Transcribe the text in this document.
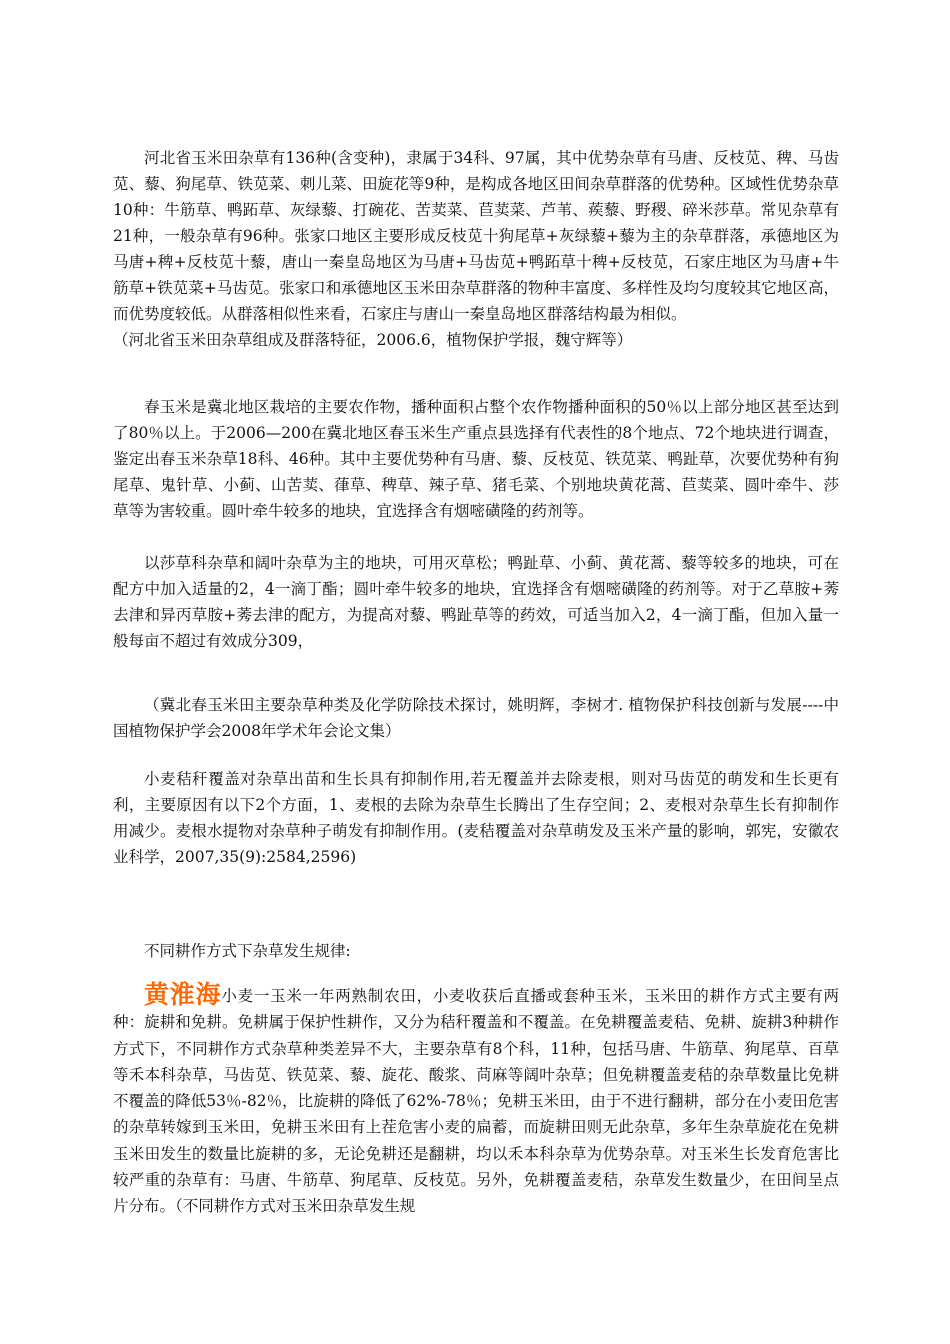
河北省玉米田杂草有136种(含变种)，隶属于34科、97属，其中优势杂草有马唐、反枝苋、稗、马齿苋、藜、狗尾草、铁苋菜、刺儿菜、田旋花等9种，是构成各地区田间杂草群落的优势种。区域性优势杂草10种：牛筋草、鸭跖草、灰绿藜、打碗花、苦荬菜、苣荬菜、芦苇、蒺藜、野稷、碎米莎草。常见杂草有21种，一般杂草有96种。张家口地区主要形成反枝苋十狗尾草+灰绿藜+藜为主的杂草群落，承德地区为马唐+稗+反枝苋十藜，唐山一秦皇岛地区为马唐+马齿苋+鸭跖草十稗+反枝苋，石家庄地区为马唐+牛筋草+铁苋菜+马齿苋。张家口和承德地区玉米田杂草群落的物种丰富度、多样性及均匀度较其它地区高，而优势度较低。从群落相似性来看，石家庄与唐山一秦皇岛地区群落结构最为相似。

（河北省玉米田杂草组成及群落特征，2006.6，植物保护学报，魏守辉等）

春玉米是冀北地区栽培的主要农作物，播种面积占整个农作物播种面积的50％以上部分地区甚至达到了80％以上。于2006—200在冀北地区春玉米生产重点县选择有代表性的8个地点、72个地块进行调查，鉴定出春玉米杂草18科、46种。其中主要优势种有马唐、藜、反枝苋、铁苋菜、鸭趾草，次要优势种有狗尾草、鬼针草、小蓟、山苦荬、葎草、稗草、辣子草、猪毛菜、个别地块黄花蒿、苣荬菜、圆叶牵牛、莎草等为害较重。圆叶牵牛较多的地块，宜选择含有烟嘧磺隆的药剂等。

以莎草科杂草和阔叶杂草为主的地块，可用灭草松；鸭趾草、小蓟、黄花蒿、藜等较多的地块，可在配方中加入适量的2，4一滴丁酯；圆叶牵牛较多的地块，宜选择含有烟嘧磺隆的药剂等。对于乙草胺+莠去津和异丙草胺+莠去津的配方，为提高对藜、鸭趾草等的药效，可适当加入2，4一滴丁酯，但加入量一般每亩不超过有效成分309，

（冀北春玉米田主要杂草种类及化学防除技术探讨，姚明辉，李树才. 植物保护科技创新与发展----中国植物保护学会2008年学术年会论文集）

小麦秸秆覆盖对杂草出苗和生长具有抑制作用,若无覆盖并去除麦根，则对马齿苋的萌发和生长更有利，主要原因有以下2个方面，1、麦根的去除为杂草生长腾出了生存空间；2、麦根对杂草生长有抑制作用减少。麦根水提物对杂草种子萌发有抑制作用。(麦秸覆盖对杂草萌发及玉米产量的影响，郭宪，安徽农业科学，2007,35(9):2584,2596)

不同耕作方式下杂草发生规律:

黄淮海小麦一玉米一年两熟制农田，小麦收获后直播或套种玉米，玉米田的耕作方式主要有两种：旋耕和免耕。免耕属于保护性耕作，又分为秸秆覆盖和不覆盖。在免耕覆盖麦秸、免耕、旋耕3种耕作方式下，不同耕作方式杂草种类差异不大，主要杂草有8个科，11种，包括马唐、牛筋草、狗尾草、百草等禾本科杂草，马齿苋、铁苋菜、藜、旋花、酸浆、苘麻等阔叶杂草；但免耕覆盖麦秸的杂草数量比免耕不覆盖的降低53％-82％，比旋耕的降低了62%-78％；免耕玉米田，由于不进行翻耕，部分在小麦田危害的杂草转嫁到玉米田，免耕玉米田有上茬危害小麦的扁蓄，而旋耕田则无此杂草，多年生杂草旋花在免耕玉米田发生的数量比旋耕的多，无论免耕还是翻耕，均以禾本科杂草为优势杂草。对玉米生长发育危害比较严重的杂草有：马唐、牛筋草、狗尾草、反枝苋。另外，免耕覆盖麦秸，杂草发生数量少，在田间呈点片分布。（不同耕作方式对玉米田杂草发生规
